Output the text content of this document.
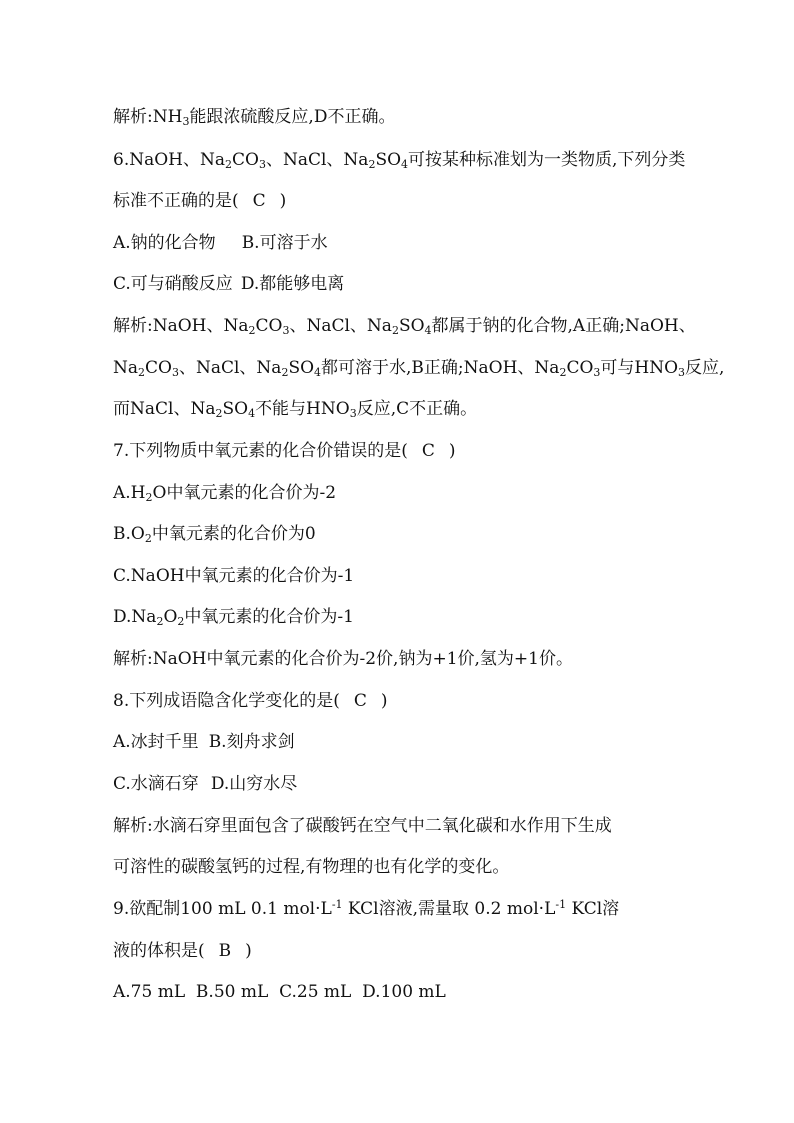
解析$:NH_3$能跟浓硫酸反应,D不正确。
6.NaOH、$Na_2CO_3$、NaCl、$Na_2SO_4$可按某种标准划为一类物质,下列分类
标准不正确的是( C )
A.钠的化合物 B.可溶于水
C.可与硝酸反应 D.都能够电离
解析:NaOH、$Na_2CO_3$、NaCl、$Na_2SO_4$都属于钠的化合物,A正确;NaOH、
$Na_2CO_3$、NaCl、$Na_2SO_4$都可溶于水,B正确;NaOH、$Na_2CO_3$可与$HNO_3$反应,
而NaCl、$Na_2SO_4$不能与$HNO_3$反应,C不正确。
7.下列物质中氧元素的化合价错误的是( C )
$A.H_2O$中氧元素的化合价为-2
$B.O_2$中氧元素的化合价为0
C.NaOH中氧元素的化合价为-1
$D.Na_2O_2$中氧元素的化合价为-1
解析:NaOH中氧元素的化合价为-2价,钠为+1价,氢为+1价。
8.下列成语隐含化学变化的是( C )
A.冰封千里 B.刻舟求剑
C.水滴石穿 D.山穷水尽
解析:水滴石穿里面包含了碳酸钙在空气中二氧化碳和水作用下生成
可溶性的碳酸氢钙的过程,有物理的也有化学的变化。
9.欲配制100 mL 0.1 $mol\cdot L^{-1}$ KCl溶液,需量取 0.2 $mol\cdot L^{-1}$ KCl溶
液的体积是( B )
A.75 mL  B.50 mL  C.25 mL  D.100 mL
